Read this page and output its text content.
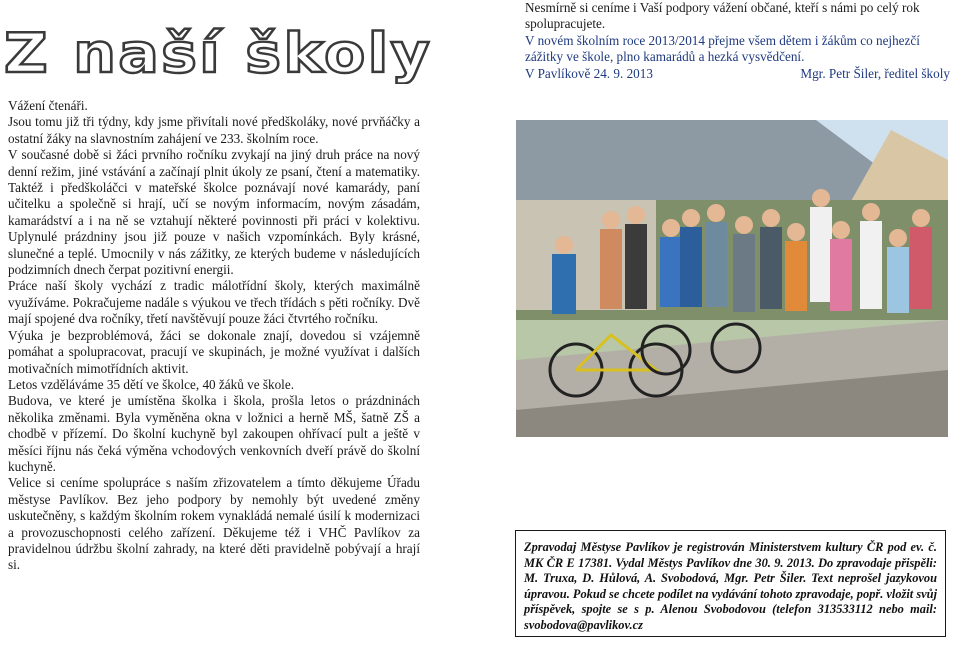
Z naší školy

Nesmírně si ceníme i Vaší podpory vážení občané, kteří s námi po celý rok spolupracujete.

V novém školním roce 2013/2014 přejme všem dětem i žákům co nejhezčí zážitky ve škole, plno kamarádů a hezká vysvědčení.

V Pavlíkově 24. 9. 2013	Mgr. Petr Šiler, ředitel školy

Vážení čtenáři.

Jsou tomu již tři týdny, kdy jsme přivítali nové předškoláky, nové prvňáčky a ostatní žáky na slavnostním zahájení ve 233. školním roce.

V současné době si žáci prvního ročníku zvykají na jiný druh práce na nový denní režim, jiné vstávání a začínají plnit úkoly ze psaní, čtení a matematiky. Taktéž i předškoláčci v mateřské školce poznávají nové kamarády, paní učitelku a společně si hrají, učí se novým informacím, novým zásadám, kamarádství a i na ně se vztahují některé povinnosti při práci v kolektivu. Uplynulé prázdniny jsou již pouze v našich vzpomínkách. Byly krásné, slunečné a teplé. Umocnily v nás zážitky, ze kterých budeme v následujících podzimních dnech čerpat pozitivní energii.

Práce naší školy vychází z tradic málotřídní školy, kterých maximálně využíváme. Pokračujeme nadále s výukou ve třech třídách s pěti ročníky. Dvě mají spojené dva ročníky, třetí navštěvují pouze žáci čtvrtého ročníku.

Výuka je bezproblémová, žáci se dokonale znají, dovedou si vzájemně pomáhat a spolupracovat, pracují ve skupinách, je možné využívat i dalších motivačních mimotřídních aktivit.

Letos vzděláváme 35 dětí ve školce, 40 žáků ve škole.

Budova, ve které je umístěna školka i škola, prošla letos o prázdninách několika změnami. Byla vyměněna okna v ložnici a herně MŠ, šatně ZŠ a chodbě v přízemí. Do školní kuchyně byl zakoupen ohřívací pult a ještě v měsíci říjnu nás čeká výměna vchodových venkovních dveří právě do školní kuchyně.

Velice si ceníme spolupráce s naším zřizovatelem a tímto děkujeme Úřadu městyse Pavlíkov. Bez jeho podpory by nemohly být uvedené změny uskutečněny, s každým školním rokem vynakládá nemalé úsilí k modernizaci a provozuschopnosti celého zařízení. Děkujeme též i VHČ Pavlíkov za pravidelnou údržbu školní zahrady, na které děti pravidelně pobývají a hrají si.

Zpravodaj Městyse Pavlíkov je registrován Ministerstvem kultury ČR pod ev. č. MK ČR E 17381. Vydal Městys Pavlíkov dne 30. 9. 2013. Do zpravodaje přispěli: M. Truxa, D. Hůlová, A. Svobodová, Mgr. Petr Šiler. Text neprošel jazykovou úpravou. Pokud se chcete podílet na vydávání tohoto zpravodaje, popř. vložit svůj příspěvek, spojte se s p. Alenou Svobodovou (telefon 313533112 nebo mail: svobodova@pavlikov.cz
